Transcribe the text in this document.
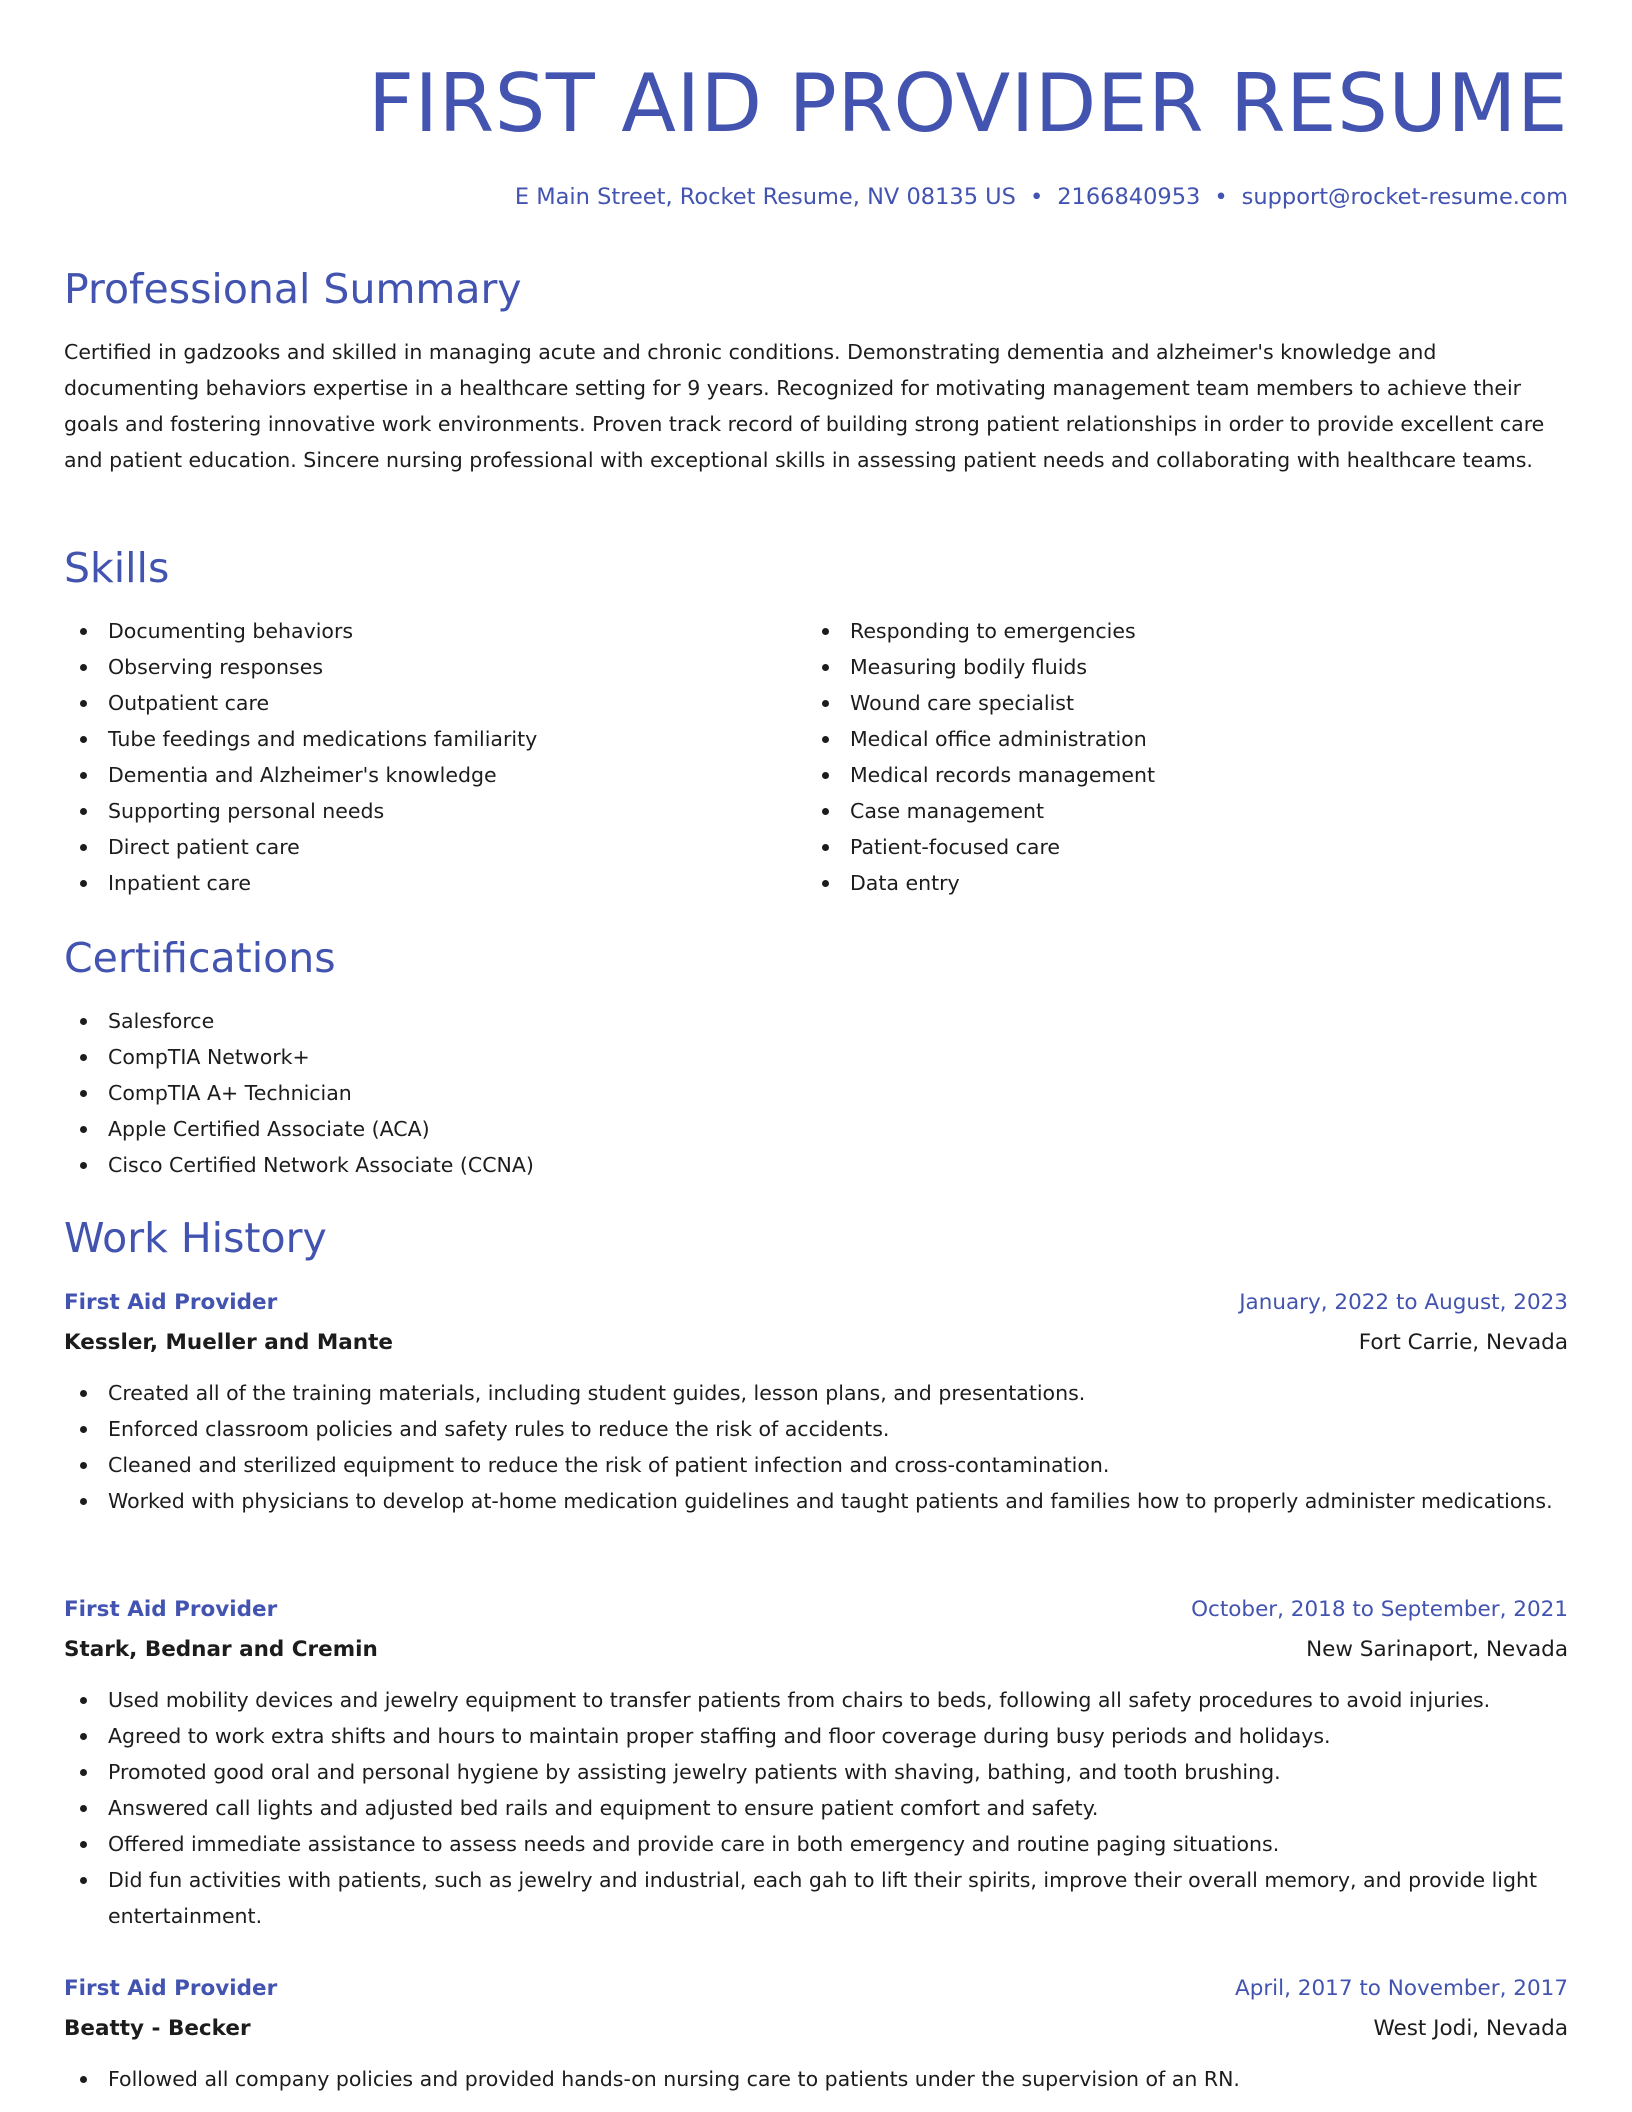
FIRST AID PROVIDER RESUME
E Main Street, Rocket Resume, NV 08135 US • 2166840953 • support@rocket-resume.com
Professional Summary

Certified in gadzooks and skilled in managing acute and chronic conditions. Demonstrating dementia and alzheimer's knowledge and documenting behaviors expertise in a healthcare setting for 9 years. Recognized for motivating management team members to achieve their goals and fostering innovative work environments. Proven track record of building strong patient relationships in order to provide excellent care and patient education. Sincere nursing professional with exceptional skills in assessing patient needs and collaborating with healthcare teams.

Skills
Documenting behaviors
Observing responses
Outpatient care
Tube feedings and medications familiarity
Dementia and Alzheimer's knowledge
Supporting personal needs
Direct patient care
Inpatient care
Responding to emergencies
Measuring bodily fluids
Wound care specialist
Medical office administration
Medical records management
Case management
Patient-focused care
Data entry
Certifications
Salesforce
CompTIA Network+
CompTIA A+ Technician
Apple Certified Associate (ACA)
Cisco Certified Network Associate (CCNA)
Work History
First Aid Provider	January, 2022 to August, 2023
Kessler, Mueller and Mante	Fort Carrie, Nevada
Created all of the training materials, including student guides, lesson plans, and presentations.
Enforced classroom policies and safety rules to reduce the risk of accidents.
Cleaned and sterilized equipment to reduce the risk of patient infection and cross-contamination.
Worked with physicians to develop at-home medication guidelines and taught patients and families how to properly administer medications.
First Aid Provider	October, 2018 to September, 2021
Stark, Bednar and Cremin	New Sarinaport, Nevada
Used mobility devices and jewelry equipment to transfer patients from chairs to beds, following all safety procedures to avoid injuries.
Agreed to work extra shifts and hours to maintain proper staffing and floor coverage during busy periods and holidays.
Promoted good oral and personal hygiene by assisting jewelry patients with shaving, bathing, and tooth brushing.
Answered call lights and adjusted bed rails and equipment to ensure patient comfort and safety.
Offered immediate assistance to assess needs and provide care in both emergency and routine paging situations.
Did fun activities with patients, such as jewelry and industrial, each gah to lift their spirits, improve their overall memory, and provide light entertainment.
First Aid Provider	April, 2017 to November, 2017
Beatty - Becker	West Jodi, Nevada
Followed all company policies and provided hands-on nursing care to patients under the supervision of an RN.
